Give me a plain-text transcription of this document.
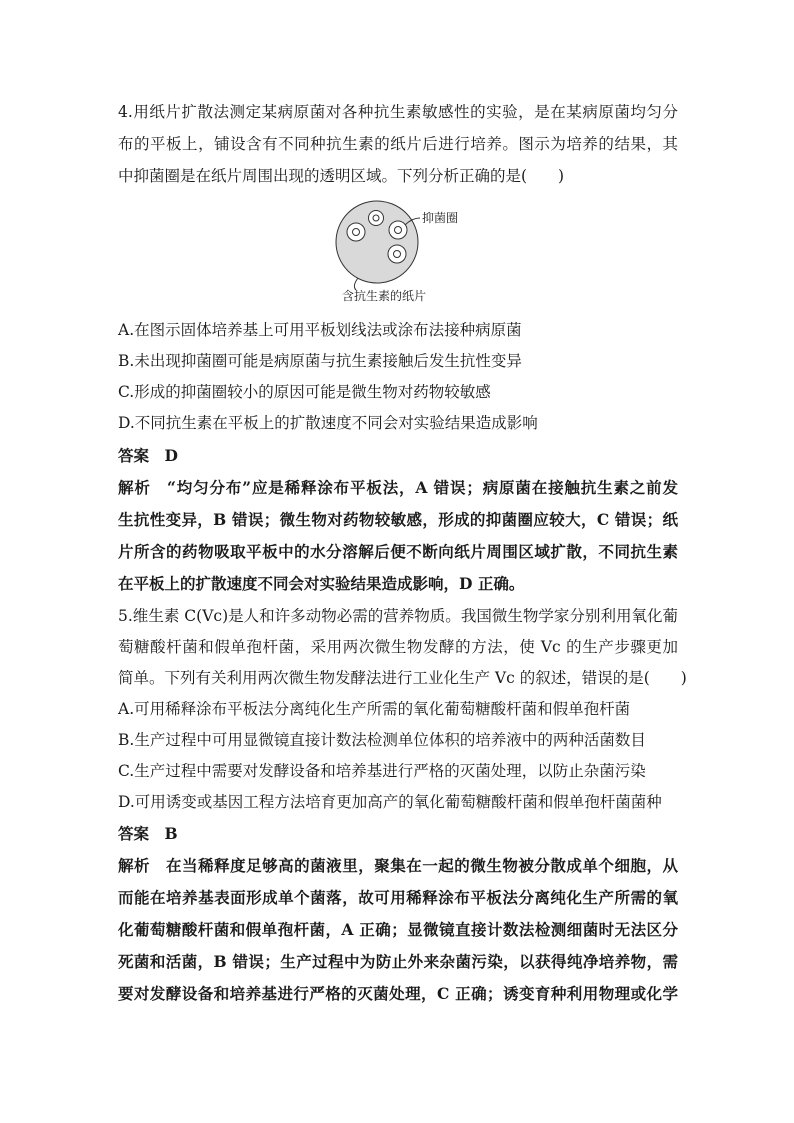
4.用纸片扩散法测定某病原菌对各种抗生素敏感性的实验，是在某病原菌均匀分
布的平板上，铺设含有不同种抗生素的纸片后进行培养。图示为培养的结果，其
中抑菌圈是在纸片周围出现的透明区域。下列分析正确的是(　　)
抑菌圈
含抗生素的纸片
A.在图示固体培养基上可用平板划线法或涂布法接种病原菌
B.未出现抑菌圈可能是病原菌与抗生素接触后发生抗性变异
C.形成的抑菌圈较小的原因可能是微生物对药物较敏感
D.不同抗生素在平板上的扩散速度不同会对实验结果造成影响
答案　D
解析　“均匀分布”应是稀释涂布平板法，A 错误；病原菌在接触抗生素之前发
生抗性变异，B 错误；微生物对药物较敏感，形成的抑菌圈应较大，C 错误；纸
片所含的药物吸取平板中的水分溶解后便不断向纸片周围区域扩散，不同抗生素
在平板上的扩散速度不同会对实验结果造成影响，D 正确。
5.维生素 C(Vc)是人和许多动物必需的营养物质。我国微生物学家分别利用氧化葡
萄糖酸杆菌和假单孢杆菌，采用两次微生物发酵的方法，使 Vc 的生产步骤更加
简单。下列有关利用两次微生物发酵法进行工业化生产 Vc 的叙述，错误的是(　　)
A.可用稀释涂布平板法分离纯化生产所需的氧化葡萄糖酸杆菌和假单孢杆菌
B.生产过程中可用显微镜直接计数法检测单位体积的培养液中的两种活菌数目
C.生产过程中需要对发酵设备和培养基进行严格的灭菌处理，以防止杂菌污染
D.可用诱变或基因工程方法培育更加高产的氧化葡萄糖酸杆菌和假单孢杆菌菌种
答案　B
解析　在当稀释度足够高的菌液里，聚集在一起的微生物被分散成单个细胞，从
而能在培养基表面形成单个菌落，故可用稀释涂布平板法分离纯化生产所需的氧
化葡萄糖酸杆菌和假单孢杆菌，A 正确；显微镜直接计数法检测细菌时无法区分
死菌和活菌，B 错误；生产过程中为防止外来杂菌污染，以获得纯净培养物，需
要对发酵设备和培养基进行严格的灭菌处理，C 正确；诱变育种利用物理或化学
